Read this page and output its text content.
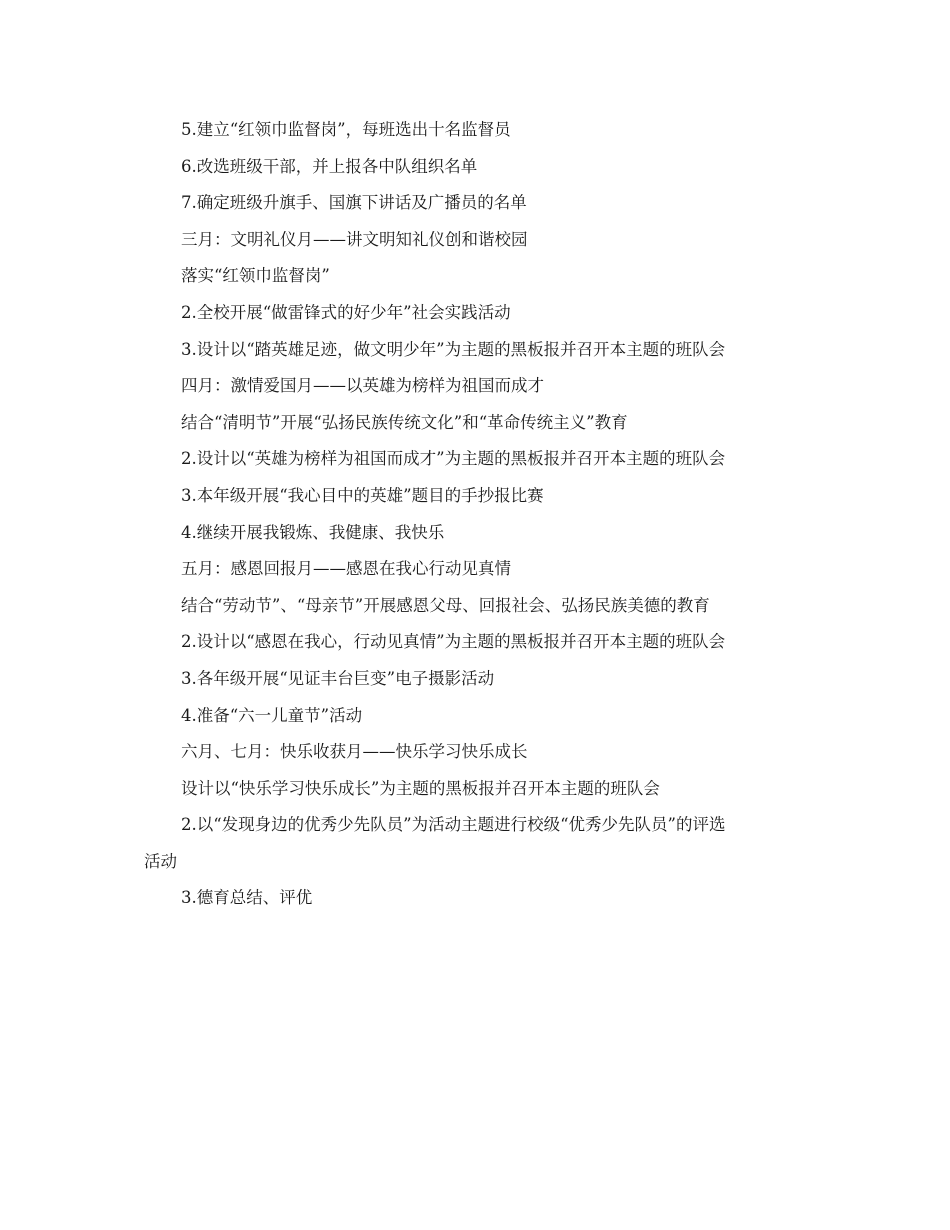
5.建立“红领巾监督岗”，每班选出十名监督员
6.改选班级干部，并上报各中队组织名单
7.确定班级升旗手、国旗下讲话及广播员的名单
三月：文明礼仪月——讲文明知礼仪创和谐校园
落实“红领巾监督岗”
2.全校开展“做雷锋式的好少年”社会实践活动
3.设计以“踏英雄足迹，做文明少年”为主题的黑板报并召开本主题的班队会
四月：激情爱国月——以英雄为榜样为祖国而成才
结合“清明节”开展“弘扬民族传统文化”和“革命传统主义”教育
2.设计以“英雄为榜样为祖国而成才”为主题的黑板报并召开本主题的班队会
3.本年级开展“我心目中的英雄”题目的手抄报比赛
4.继续开展我锻炼、我健康、我快乐
五月：感恩回报月——感恩在我心行动见真情
结合“劳动节”、“母亲节”开展感恩父母、回报社会、弘扬民族美德的教育
2.设计以“感恩在我心，行动见真情”为主题的黑板报并召开本主题的班队会
3.各年级开展“见证丰台巨变”电子摄影活动
4.准备“六一儿童节”活动
六月、七月：快乐收获月——快乐学习快乐成长
设计以“快乐学习快乐成长”为主题的黑板报并召开本主题的班队会
2.以“发现身边的优秀少先队员”为活动主题进行校级“优秀少先队员”的评选
活动
3.德育总结、评优
